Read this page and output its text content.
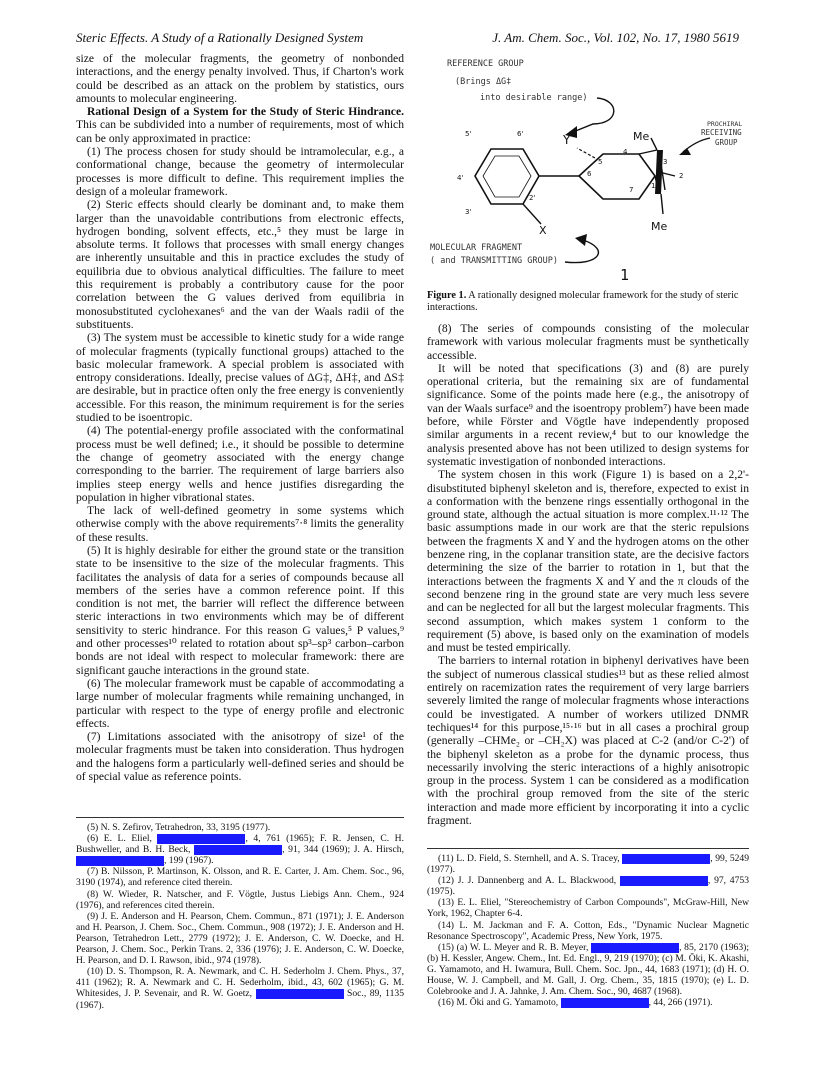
Steric Effects. A Study of a Rationally Designed System	J. Am. Chem. Soc., Vol. 102, No. 17, 1980 5619

size of the molecular fragments, the geometry of nonbonded interactions, and the energy penalty involved. Thus, if Charton's work could be described as an attack on the problem by statistics, ours amounts to molecular engineering.

Rational Design of a System for the Study of Steric Hindrance. This can be subdivided into a number of requirements, most of which can be only approximated in practice:

(1) The process chosen for study should be intramolecular, e.g., a conformational change, because the geometry of intermolecular processes is more difficult to define. This requirement implies the design of a moleular framework.

(2) Steric effects should clearly be dominant and, to make them larger than the unavoidable contributions from electronic effects, hydrogen bonding, solvent effects, etc.,⁵ they must be large in absolute terms. It follows that processes with small energy changes are inherently unsuitable and this in practice excludes the study of equilibria due to obvious analytical difficulties. The failure to meet this requirement is probably a contributory cause for the poor correlation between the G values derived from equilibria in monosubstituted cyclohexanes⁶ and the van der Waals radii of the substituents.

(3) The system must be accessible to kinetic study for a wide range of molecular fragments (typically functional groups) attached to the basic molecular framework. A special problem is associated with entropy considerations. Ideally, precise values of ΔG‡, ΔH‡, and ΔS‡ are desirable, but in practice often only the free energy is conveniently accessible. For this reason, the minimum requirement is for the series studied to be isoentropic.

(4) The potential-energy profile associated with the conformatinal process must be well defined; i.e., it should be possible to determine the change of geometry associated with the energy change corresponding to the barrier. The requirement of large barriers also implies steep energy wells and hence justifies disregarding the population in higher vibrational states.

The lack of well-defined geometry in some systems which otherwise comply with the above requirements⁷⋅⁸ limits the generality of these results.

(5) It is highly desirable for either the ground state or the transition state to be insensitive to the size of the molecular fragments. This facilitates the analysis of data for a series of compounds because all members of the series have a common reference point. If this condition is not met, the barrier will reflect the difference between steric interactions in two environments which may be of different sensitivity to steric hindrance. For this reason G values,⁵ P values,⁹ and other processes¹⁰ related to rotation about sp³–sp³ carbon–carbon bonds are not ideal with respect to molecular framework: there are significant gauche interactions in the ground state.

(6) The molecular framework must be capable of accommodating a large number of molecular fragments while remaining unchanged, in particular with respect to the type of energy profile and electronic effects.

(7) Limitations associated with the anisotropy of size¹ of the molecular fragments must be taken into consideration. Thus hydrogen and the halogens form a particularly well-defined series and should be of special value as reference points.

REFERENCE GROUP
(Brings ΔG‡
into desirable range)
PROCHIRAL
RECEIVING
GROUP
MOLECULAR FRAGMENT
( and TRANSMITTING GROUP)
5'	6'
4'
3'
2'
Y
5
4
6
7
3
2
1
X
Me
Me
1
Figure 1. A rationally designed molecular framework for the study of steric interactions.

(8) The series of compounds consisting of the molecular framework with various molecular fragments must be synthetically accessible.

It will be noted that specifications (3) and (8) are purely operational criteria, but the remaining six are of fundamental significance. Some of the points made here (e.g., the anisotropy of van der Waals surface⁹ and the isoentropy problem⁷) have been made before, while Förster and Vögtle have independently proposed similar arguments in a recent review,⁴ but to our knowledge the analysis presented above has not been utilized to design systems for systematic investigation of nonbonded interactions.

The system chosen in this work (Figure 1) is based on a 2,2'-disubstituted biphenyl skeleton and is, therefore, expected to exist in a conformation with the benzene rings essentially orthogonal in the ground state, although the actual situation is more complex.¹¹⋅¹² The basic assumptions made in our work are that the steric repulsions between the fragments X and Y and the hydrogen atoms on the other benzene ring, in the coplanar transition state, are the decisive factors determining the size of the barrier to rotation in 1, but that the interactions between the fragments X and Y and the π clouds of the second benzene ring in the ground state are very much less severe and can be neglected for all but the largest molecular fragments. This second assumption, which makes system 1 conform to the requirement (5) above, is based only on the examination of models and must be tested empirically.

The barriers to internal rotation in biphenyl derivatives have been the subject of numerous classical studies¹³ but as these relied almost entirely on racemization rates the requirement of very large barriers severely limited the range of molecular fragments whose interactions could be investigated. A number of workers utilized DNMR techiques¹⁴ for this purpose,¹⁵⋅¹⁶ but in all cases a prochiral group (generally –CHMe₂ or –CH₂X) was placed at C-2 (and/or C-2') of the biphenyl skeleton as a probe for the dynamic process, thus necessarily involving the steric interactions of a highly anisotropic group in the process. System 1 can be considered as a modification with the prochiral group removed from the site of the steric interaction and made more efficient by incorporating it into a cyclic fragment.

(5) N. S. Zefirov, Tetrahedron, 33, 3195 (1977).

(6) E. L. Eliel,	, 4, 761 (1965); F. R. Jensen, C. H. Bushweller, and B. H. Beck,	, 91, 344 (1969); J. A. Hirsch, , 199 (1967).

(7) B. Nilsson, P. Martinson, K. Olsson, and R. E. Carter, J. Am. Chem. Soc., 96, 3190 (1974), and reference cited therein.

(8) W. Wieder, R. Natscher, and F. Vögtle, Justus Liebigs Ann. Chem., 924 (1976), and references cited therein.

(9) J. E. Anderson and H. Pearson, Chem. Commun., 871 (1971); J. E. Anderson and H. Pearson, J. Chem. Soc., Chem. Commun., 908 (1972); J. E. Anderson and H. Pearson, Tetrahedron Lett., 2779 (1972); J. E. Anderson, C. W. Doecke, and H. Pearson, J. Chem. Soc., Perkin Trans. 2, 336 (1976); J. E. Anderson, C. W. Doecke, H. Pearson, and D. I. Rawson, ibid., 974 (1978).

(10) D. S. Thompson, R. A. Newmark, and C. H. Sederholm J. Chem. Phys., 37, 411 (1962); R. A. Newmark and C. H. Sederholm, ibid., 43, 602 (1965); G. M. Whitesides, J. P. Sevenair, and R. W. Goetz,	Soc., 89, 1135 (1967).

(11) L. D. Field, S. Sternhell, and A. S. Tracey,	, 99, 5249 (1977).

(12) J. J. Dannenberg and A. L. Blackwood,	, 97, 4753 (1975).

(13) E. L. Eliel, "Stereochemistry of Carbon Compounds", McGraw-Hill, New York, 1962, Chapter 6-4.

(14) L. M. Jackman and F. A. Cotton, Eds., "Dynamic Nuclear Magnetic Resonance Spectroscopy", Academic Press, New York, 1975.

(15) (a) W. L. Meyer and R. B. Meyer,	, 85, 2170 (1963); (b) H. Kessler, Angew. Chem., Int. Ed. Engl., 9, 219 (1970); (c) M. Ōki, K. Akashi, G. Yamamoto, and H. Iwamura, Bull. Chem. Soc. Jpn., 44, 1683 (1971); (d) H. O. House, W. J. Campbell, and M. Gall, J. Org. Chem., 35, 1815 (1970); (e) L. D. Colebrooke and J. A. Jahnke, J. Am. Chem. Soc., 90, 4687 (1968).

(16) M. Ōki and G. Yamamoto,	, 44, 266 (1971).
